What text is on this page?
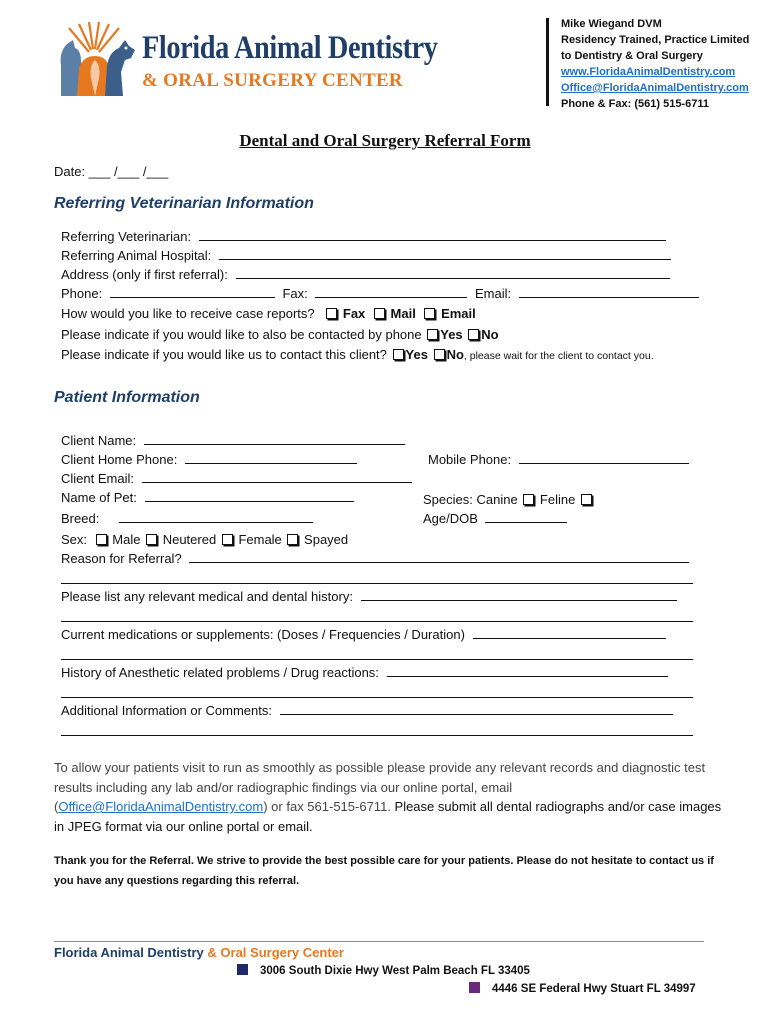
Florida Animal Dentistry
& ORAL SURGERY CENTER
Mike Wiegand DVM
Residency Trained, Practice Limited
to Dentistry & Oral Surgery
www.FloridaAnimalDentistry.com
Office@FloridaAnimalDentistry.com
Phone & Fax: (561) 515-6711
Dental and Oral Surgery Referral Form
Date: ___ /___ /___
Referring Veterinarian Information
Referring Veterinarian:
Referring Animal Hospital:
Address (only if first referral):
Phone:	Fax:	Email:
How would you like to receive case reports? Fax Mail Email
Please indicate if you would like to also be contacted by phone Yes No
Please indicate if you would like us to contact this client? Yes No, please wait for the client to contact you.
Patient Information
Client Name:
Client Home Phone:	Mobile Phone:
Client Email:
Name of Pet:	Species: Canine Feline
Breed:	Age/DOB
Sex: Male Neutered Female Spayed
Reason for Referral?
Please list any relevant medical and dental history:
Current medications or supplements: (Doses / Frequencies / Duration)
History of Anesthetic related problems / Drug reactions:
Additional Information or Comments:
To allow your patients visit to run as smoothly as possible please provide any relevant records and diagnostic test results including any lab and/or radiographic findings via our online portal, email (Office@FloridaAnimalDentistry.com) or fax 561-515-6711. Please submit all dental radiographs and/or case images in JPEG format via our online portal or email.
Thank you for the Referral. We strive to provide the best possible care for your patients. Please do not hesitate to contact us if you have any questions regarding this referral.
Florida Animal Dentistry & Oral Surgery Center
3006 South Dixie Hwy West Palm Beach FL 33405
4446 SE Federal Hwy Stuart FL 34997
